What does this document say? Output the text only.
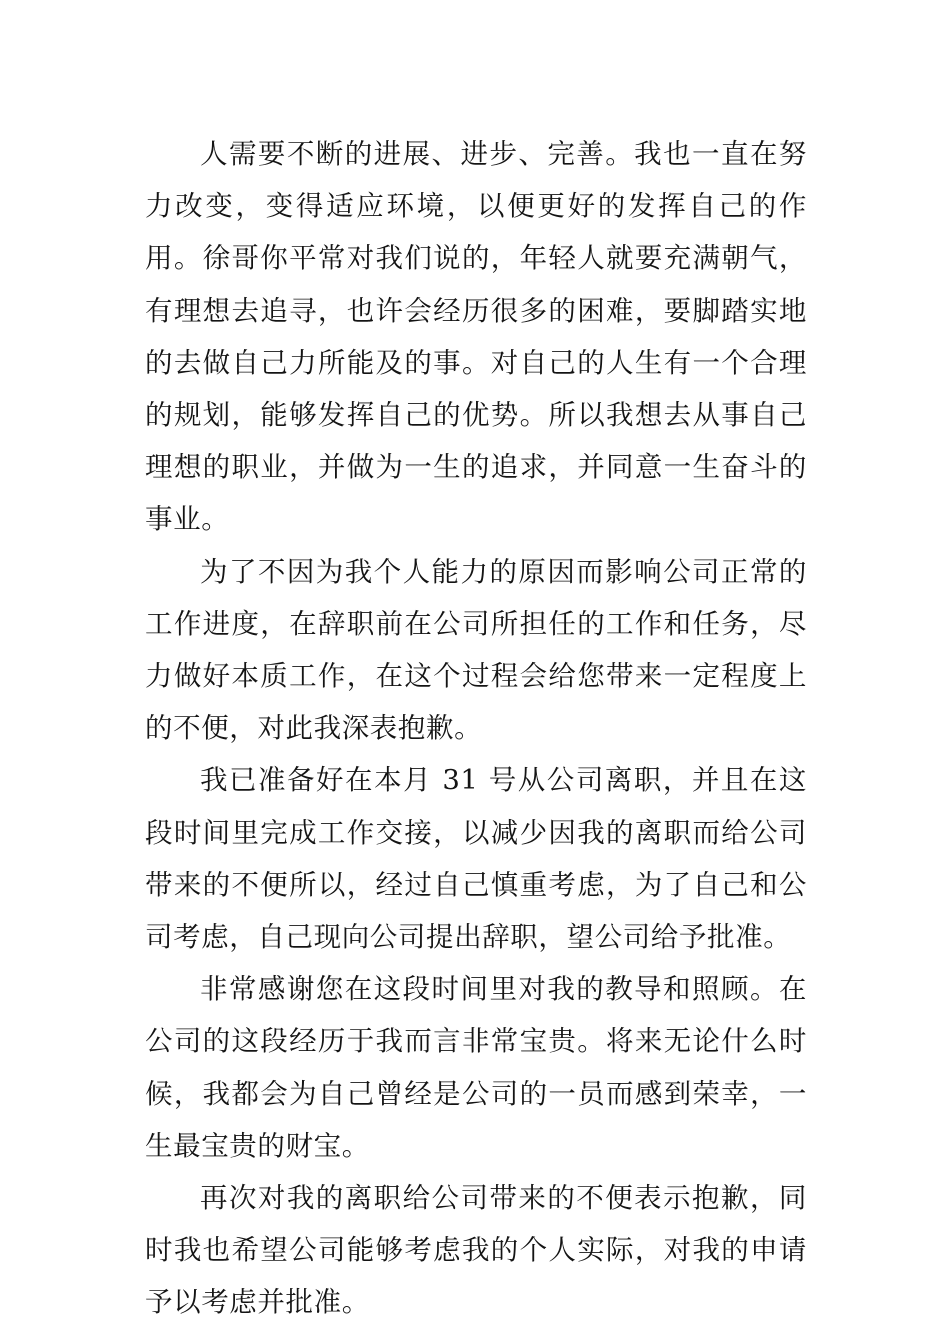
人需要不断的进展、进步、完善。我也一直在努力改变，变得适应环境，以便更好的发挥自己的作用。徐哥你平常对我们说的，年轻人就要充满朝气，有理想去追寻，也许会经历很多的困难，要脚踏实地的去做自己力所能及的事。对自己的人生有一个合理的规划，能够发挥自己的优势。所以我想去从事自己理想的职业，并做为一生的追求，并同意一生奋斗的事业。

为了不因为我个人能力的原因而影响公司正常的工作进度，在辞职前在公司所担任的工作和任务，尽力做好本质工作，在这个过程会给您带来一定程度上的不便，对此我深表抱歉。

我已准备好在本月 31 号从公司离职，并且在这段时间里完成工作交接，以减少因我的离职而给公司带来的不便所以，经过自己慎重考虑，为了自己和公司考虑，自己现向公司提出辞职，望公司给予批准。

非常感谢您在这段时间里对我的教导和照顾。在公司的这段经历于我而言非常宝贵。将来无论什么时候，我都会为自己曾经是公司的一员而感到荣幸，一生最宝贵的财宝。

再次对我的离职给公司带来的不便表示抱歉，同时我也希望公司能够考虑我的个人实际，对我的申请予以考虑并批准。
